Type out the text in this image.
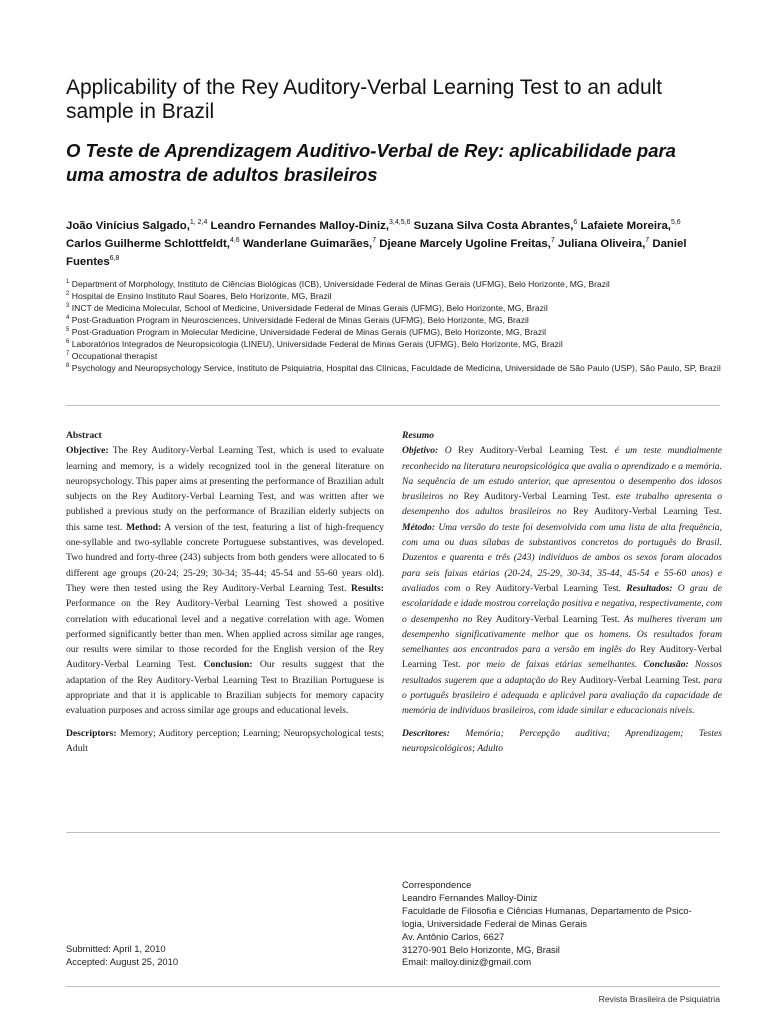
Applicability of the Rey Auditory-Verbal Learning Test to an adult sample in Brazil
O Teste de Aprendizagem Auditivo-Verbal de Rey: aplicabilidade para uma amostra de adultos brasileiros
João Vinícius Salgado,$^{1, 2,4}$ Leandro Fernandes Malloy-Diniz,$^{3,4,5,6}$ Suzana Silva Costa Abrantes,$^6$ Lafaiete Moreira,$^{5,6}$ Carlos Guilherme Schlottfeldt,$^{4,6}$ Wanderlane Guimarães,$^7$ Djeane Marcely Ugoline Freitas,$^7$ Juliana Oliveira,$^7$ Daniel Fuentes$^{6,8}$
$^1$ Department of Morphology, Instituto de Ciências Biológicas (ICB), Universidade Federal de Minas Gerais (UFMG), Belo Horizonte, MG, Brazil
$^2$ Hospital de Ensino Instituto Raul Soares, Belo Horizonte, MG, Brazil
$^3$ INCT de Medicina Molecular, School of Medicine, Universidade Federal de Minas Gerais (UFMG), Belo Horizonte, MG, Brazil
$^4$ Post-Graduation Program in Neurosciences, Universidade Federal de Minas Gerais (UFMG), Belo Horizonte, MG, Brazil
$^5$ Post-Graduation Program in Molecular Medicine, Universidade Federal de Minas Gerais (UFMG), Belo Horizonte, MG, Brazil
$^6$ Laboratórios Integrados de Neuropsicologia (LINEU), Universidade Federal de Minas Gerais (UFMG), Belo Horizonte, MG, Brazil
$^7$ Occupational therapist
$^8$ Psychology and Neuropsychology Service, Instituto de Psiquiatria, Hospital das Clínicas, Faculdade de Medicina, Universidade de São Paulo (USP), São Paulo, SP, Brazil
Abstract
Objective: The Rey Auditory-Verbal Learning Test, which is used to evaluate learning and memory, is a widely recognized tool in the general literature on neuropsychology. This paper aims at presenting the performance of Brazilian adult subjects on the Rey Auditory-Verbal Learning Test, and was written after we published a previous study on the performance of Brazilian elderly subjects on this same test. Method: A version of the test, featuring a list of high-frequency one-syllable and two-syllable concrete Portuguese substantives, was developed. Two hundred and forty-three (243) subjects from both genders were allocated to 6 different age groups (20-24; 25-29; 30-34; 35-44; 45-54 and 55-60 years old). They were then tested using the Rey Auditory-Verbal Learning Test. Results: Performance on the Rey Auditory-Verbal Learning Test showed a positive correlation with educational level and a negative correlation with age. Women performed significantly better than men. When applied across similar age ranges, our results were similar to those recorded for the English version of the Rey Auditory-Verbal Learning Test. Conclusion: Our results suggest that the adaptation of the Rey Auditory-Verbal Learning Test to Brazilian Portuguese is appropriate and that it is applicable to Brazilian subjects for memory capacity evaluation purposes and across similar age groups and educational levels.
Descriptors: Memory; Auditory perception; Learning; Neuropsychological tests; Adult
Resumo
Objetivo: O Rey Auditory-Verbal Learning Test. é um teste mundialmente reconhecido na literatura neuropsicológica que avalia o aprendizado e a memória. Na sequência de um estudo anterior, que apresentou o desempenho dos idosos brasileiros no Rey Auditory-Verbal Learning Test. este trabalho apresenta o desempenho dos adultos brasileiros no Rey Auditory-Verbal Learning Test. Método: Uma versão do teste foi desenvolvida com uma lista de alta frequência, com uma ou duas sílabas de substantivos concretos do português do Brasil. Duzentos e quarenta e três (243) indivíduos de ambos os sexos foram alocados para seis faixas etárias (20-24, 25-29, 30-34, 35-44, 45-54 e 55-60 anos) e avaliados com o Rey Auditory-Verbal Learning Test. Resultados: O grau de escolaridade e idade mostrou correlação positiva e negativa, respectivamente, com o desempenho no Rey Auditory-Verbal Learning Test. As mulheres tiveram um desempenho significativamente melhor que os homens. Os resultados foram semelhantes aos encontrados para a versão em inglês do Rey Auditory-Verbal Learning Test. por meio de faixas etárias semelhantes. Conclusão: Nossos resultados sugerem que a adaptação do Rey Auditory-Verbal Learning Test. para o português brasileiro é adequada e aplicável para avaliação da capacidade de memória de indivíduos brasileiros, com idade similar e educacionais níveis.
Descritores: Memória; Percepção auditiva; Aprendizagem; Testes neuropsicológicos; Adulto
Correspondence
Leandro Fernandes Malloy-Diniz
Faculdade de Filosofia e Ciências Humanas, Departamento de Psico-
logia, Universidade Federal de Minas Gerais
Av. Antônio Carlos, 6627
31270-901 Belo Horizonte, MG, Brasil
Email: malloy.diniz@gmail.com
Submitted: April 1, 2010
Accepted: August 25, 2010
Revista Brasileira de Psiquiatria
